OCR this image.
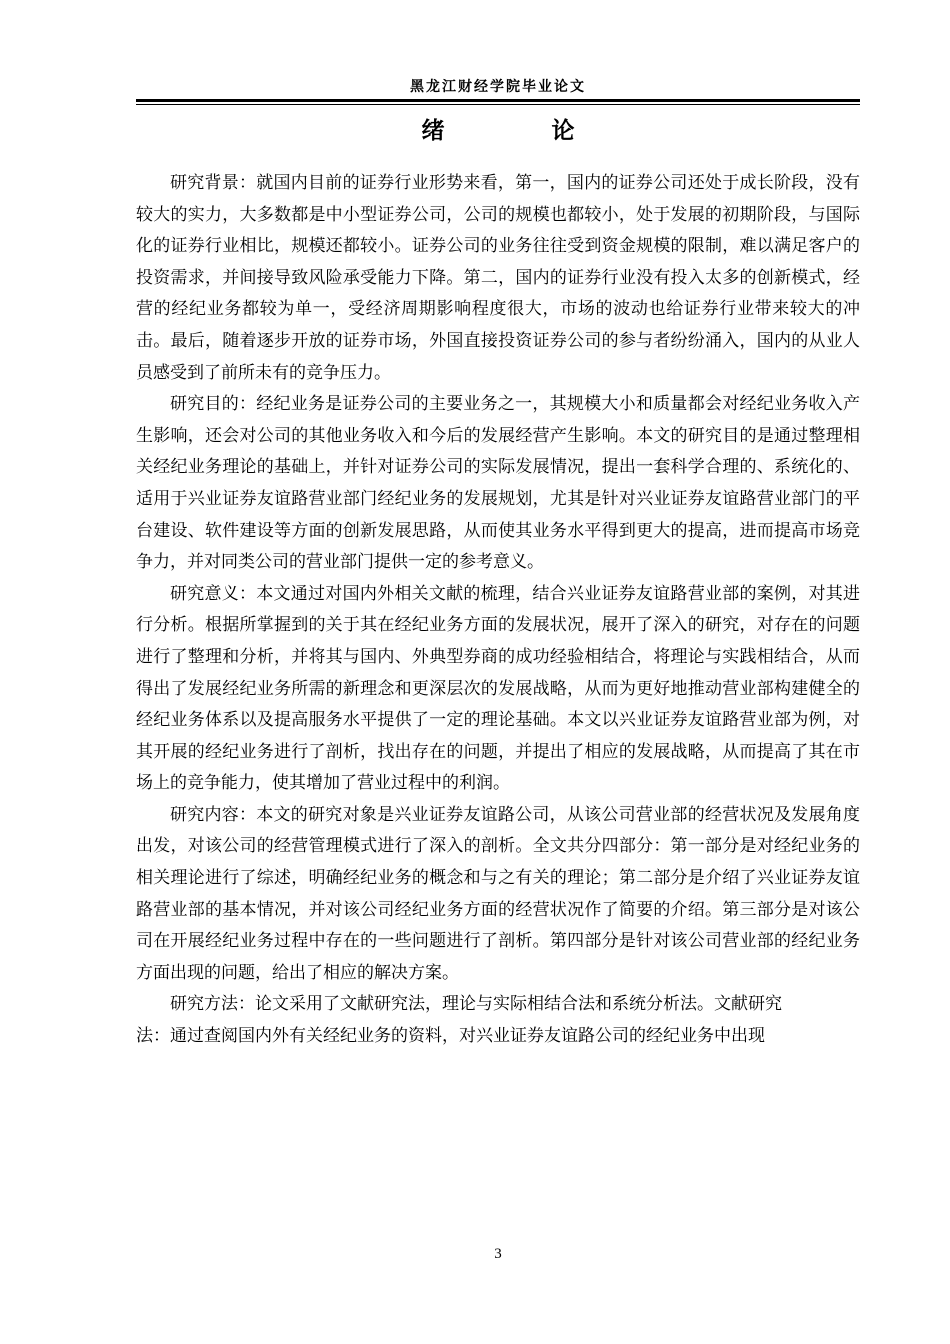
黑龙江财经学院毕业论文
绪　论

研究背景：就国内目前的证券行业形势来看，第一，国内的证券公司还处于成长阶段，没有较大的实力，大多数都是中小型证券公司，公司的规模也都较小，处于发展的初期阶段，与国际化的证券行业相比，规模还都较小。证券公司的业务往往受到资金规模的限制，难以满足客户的投资需求，并间接导致风险承受能力下降。第二，国内的证券行业没有投入太多的创新模式，经营的经纪业务都较为单一，受经济周期影响程度很大，市场的波动也给证券行业带来较大的冲击。最后，随着逐步开放的证券市场，外国直接投资证券公司的参与者纷纷涌入，国内的从业人员感受到了前所未有的竞争压力。

研究目的：经纪业务是证券公司的主要业务之一，其规模大小和质量都会对经纪业务收入产生影响，还会对公司的其他业务收入和今后的发展经营产生影响。本文的研究目的是通过整理相关经纪业务理论的基础上，并针对证券公司的实际发展情况，提出一套科学合理的、系统化的、适用于兴业证券友谊路营业部门经纪业务的发展规划，尤其是针对兴业证券友谊路营业部门的平台建设、软件建设等方面的创新发展思路，从而使其业务水平得到更大的提高，进而提高市场竞争力，并对同类公司的营业部门提供一定的参考意义。

研究意义：本文通过对国内外相关文献的梳理，结合兴业证券友谊路营业部的案例，对其进行分析。根据所掌握到的关于其在经纪业务方面的发展状况，展开了深入的研究，对存在的问题进行了整理和分析，并将其与国内、外典型券商的成功经验相结合，将理论与实践相结合，从而得出了发展经纪业务所需的新理念和更深层次的发展战略，从而为更好地推动营业部构建健全的经纪业务体系以及提高服务水平提供了一定的理论基础。本文以兴业证券友谊路营业部为例，对其开展的经纪业务进行了剖析，找出存在的问题，并提出了相应的发展战略，从而提高了其在市场上的竞争能力，使其增加了营业过程中的利润。

研究内容：本文的研究对象是兴业证券友谊路公司，从该公司营业部的经营状况及发展角度出发，对该公司的经营管理模式进行了深入的剖析。全文共分四部分：第一部分是对经纪业务的相关理论进行了综述，明确经纪业务的概念和与之有关的理论；第二部分是介绍了兴业证券友谊路营业部的基本情况，并对该公司经纪业务方面的经营状况作了简要的介绍。第三部分是对该公司在开展经纪业务过程中存在的一些问题进行了剖析。第四部分是针对该公司营业部的经纪业务方面出现的问题，给出了相应的解决方案。

研究方法：论文采用了文献研究法，理论与实际相结合法和系统分析法。文献研究

法：通过查阅国内外有关经纪业务的资料，对兴业证券友谊路公司的经纪业务中出现

3
